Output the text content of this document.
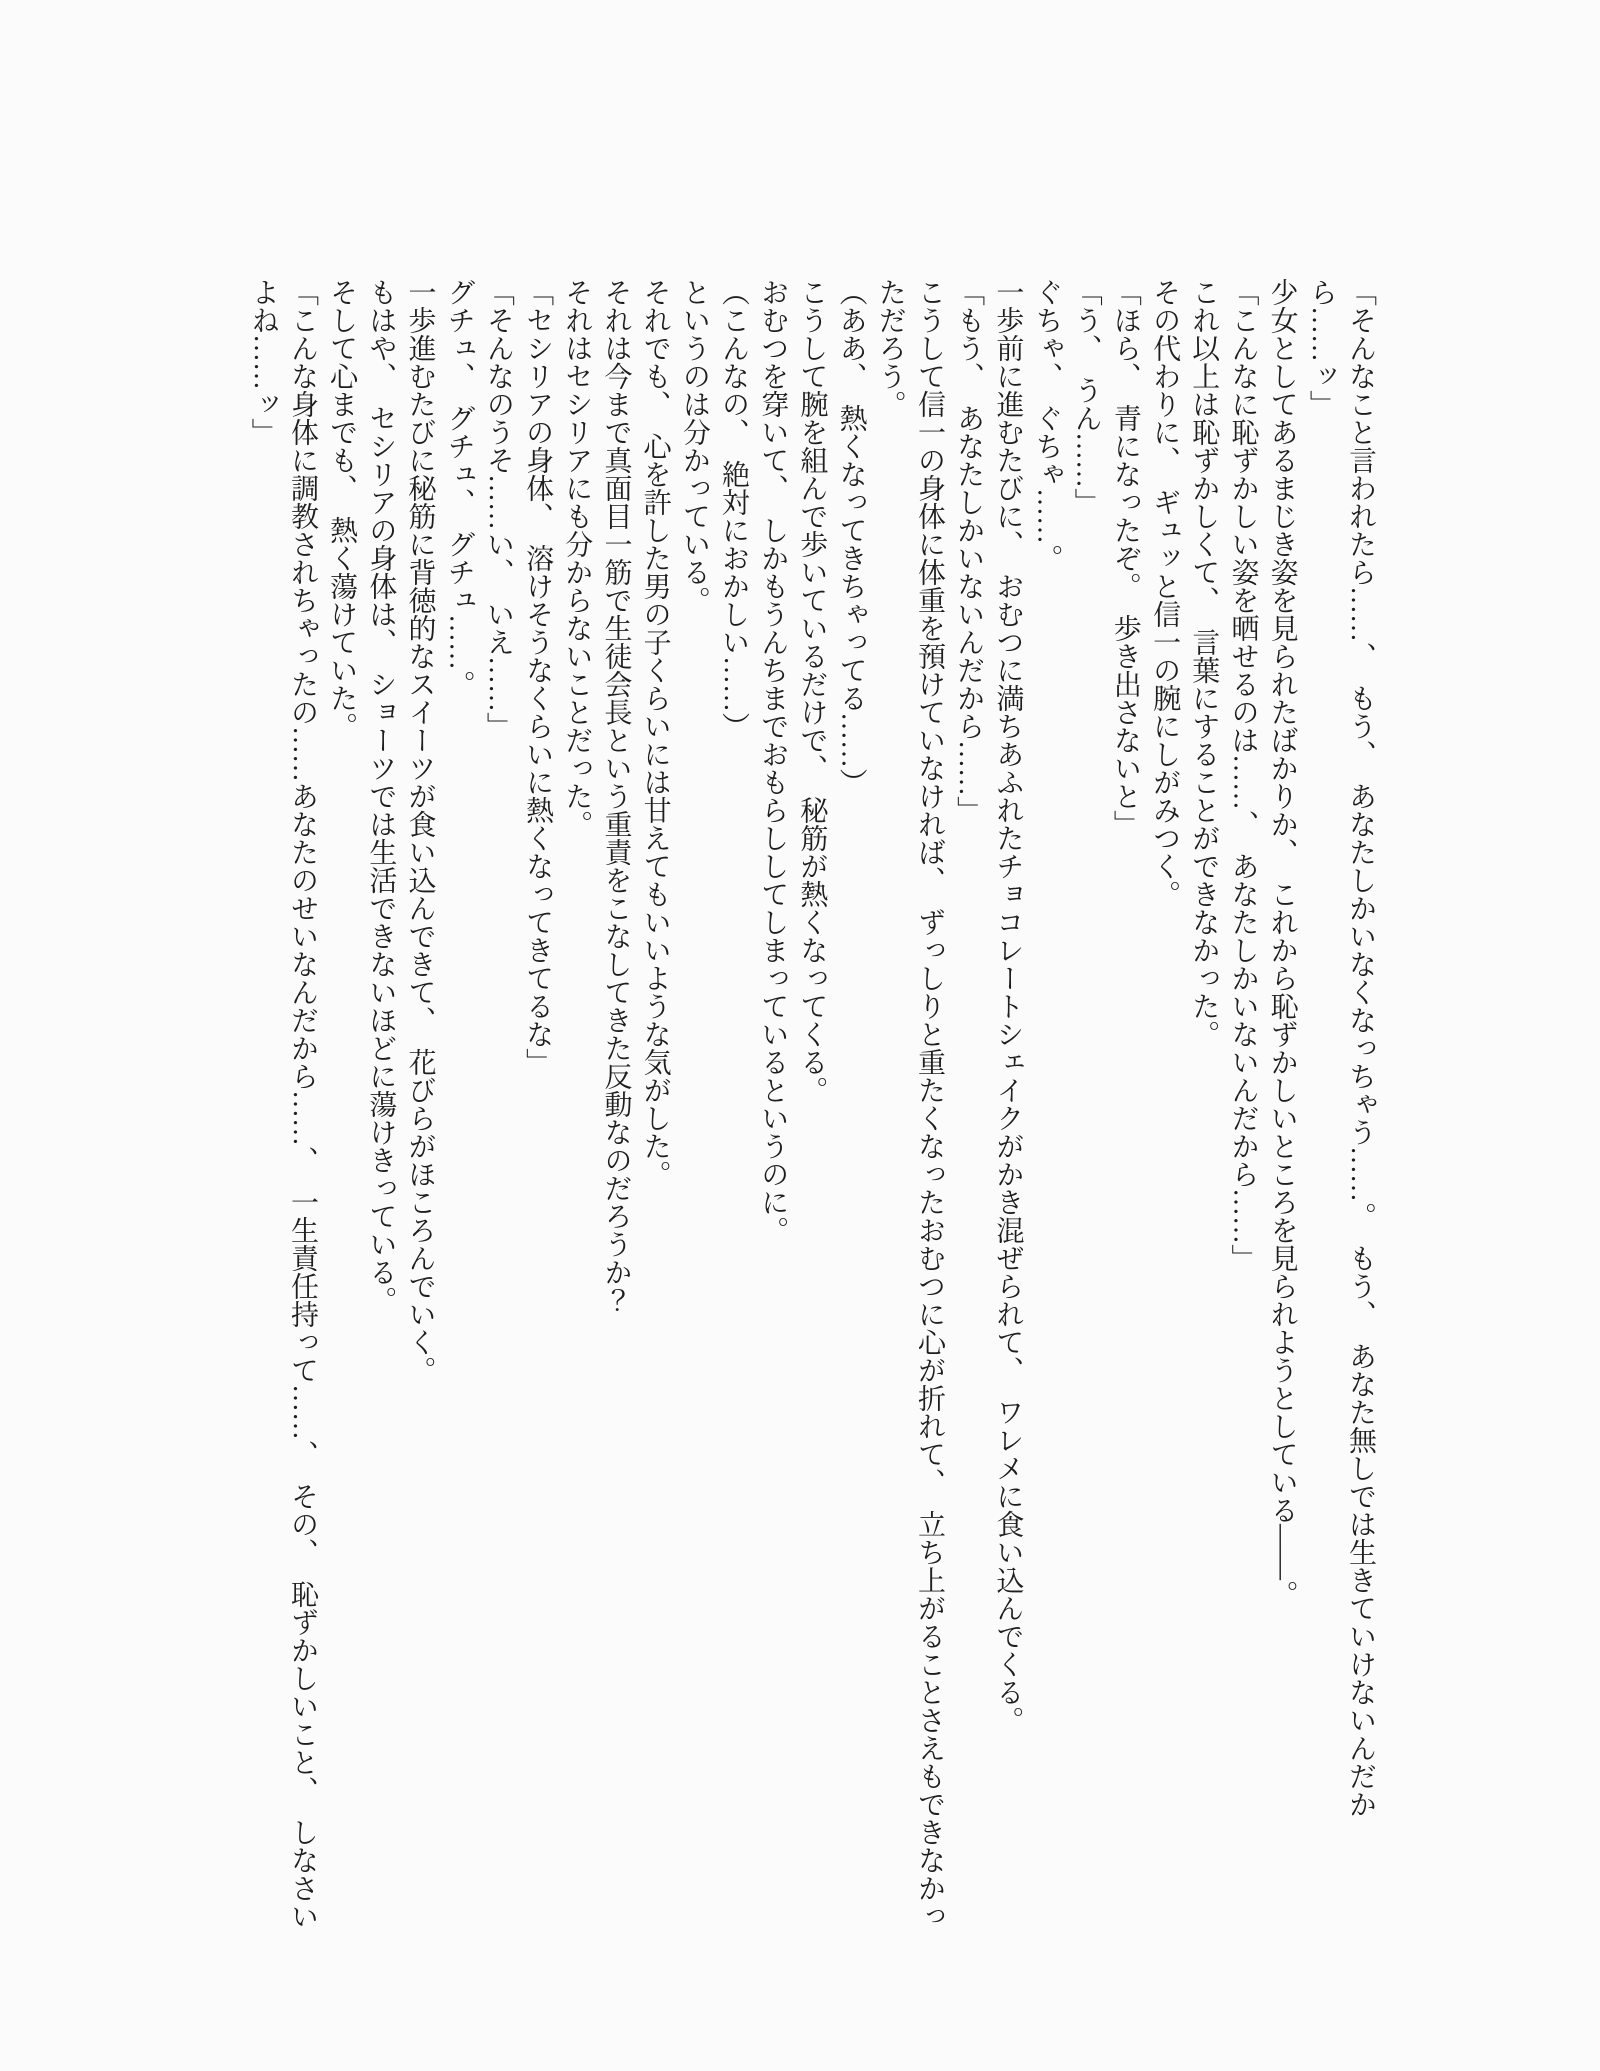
「そんなこと言われたら……、　もう、　あなたしかいなくなっちゃう……。　もう、　あなた無しでは生きていけないんだから……ッ」

少女としてあるまじき姿を見られたばかりか、　これから恥ずかしいところを見られようとしている――。

「こんなに恥ずかしい姿を晒せるのは……、　あなたしかいないんだから……」

これ以上は恥ずかしくて、　言葉にすることができなかった。

その代わりに、　ギュッと信一の腕にしがみつく。

「ほら、　青になったぞ。　歩き出さないと」

「う、　うん……」

ぐちゃ、　ぐちゃ……。

一歩前に進むたびに、　おむつに満ちあふれたチョコレートシェイクがかき混ぜられて、　ワレメに食い込んでくる。

「もう、　あなたしかいないんだから……」

こうして信一の身体に体重を預けていなければ、　ずっしりと重たくなったおむつに心が折れて、　立ち上がることさえもできなかっただろう。

（ああ、　熱くなってきちゃってる……）

こうして腕を組んで歩いているだけで、　秘筋が熱くなってくる。

おむつを穿いて、　しかもうんちまでおもらししてしまっているというのに。

（こんなの、　絶対におかしい……）

というのは分かっている。

それでも、　心を許した男の子くらいには甘えてもいいような気がした。

それは今まで真面目一筋で生徒会長という重責をこなしてきた反動なのだろうか？

それはセシリアにも分からないことだった。

「セシリアの身体、　溶けそうなくらいに熱くなってきてるな」

「そんなのうそ……い、　いえ……」

グチュ、　グチュ、　グチュ……。

一歩進むたびに秘筋に背徳的なスイーツが食い込んできて、　花びらがほころんでいく。

もはや、　セシリアの身体は、　ショーツでは生活できないほどに蕩けきっている。

そして心までも、　熱く蕩けていた。

「こんな身体に調教されちゃったの……あなたのせいなんだから……、　一生責任持って……、　その、　恥ずかしいこと、　しなさいよね……ッ」
